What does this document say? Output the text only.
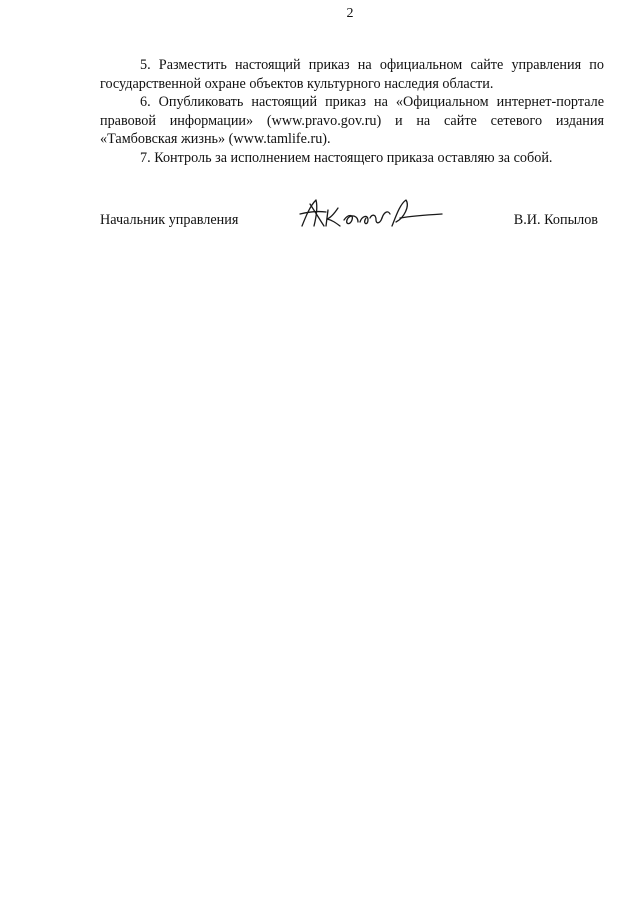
2

5. Разместить настоящий приказ на официальном сайте управления по государственной охране объектов культурного наследия области.

6. Опубликовать настоящий приказ на «Официальном интернет-портале правовой информации» (www.pravo.gov.ru) и на сайте сетевого издания «Тамбовская жизнь» (www.tamlife.ru).

7. Контроль за исполнением настоящего приказа оставляю за собой.

Начальник управления	В.И. Копылов
